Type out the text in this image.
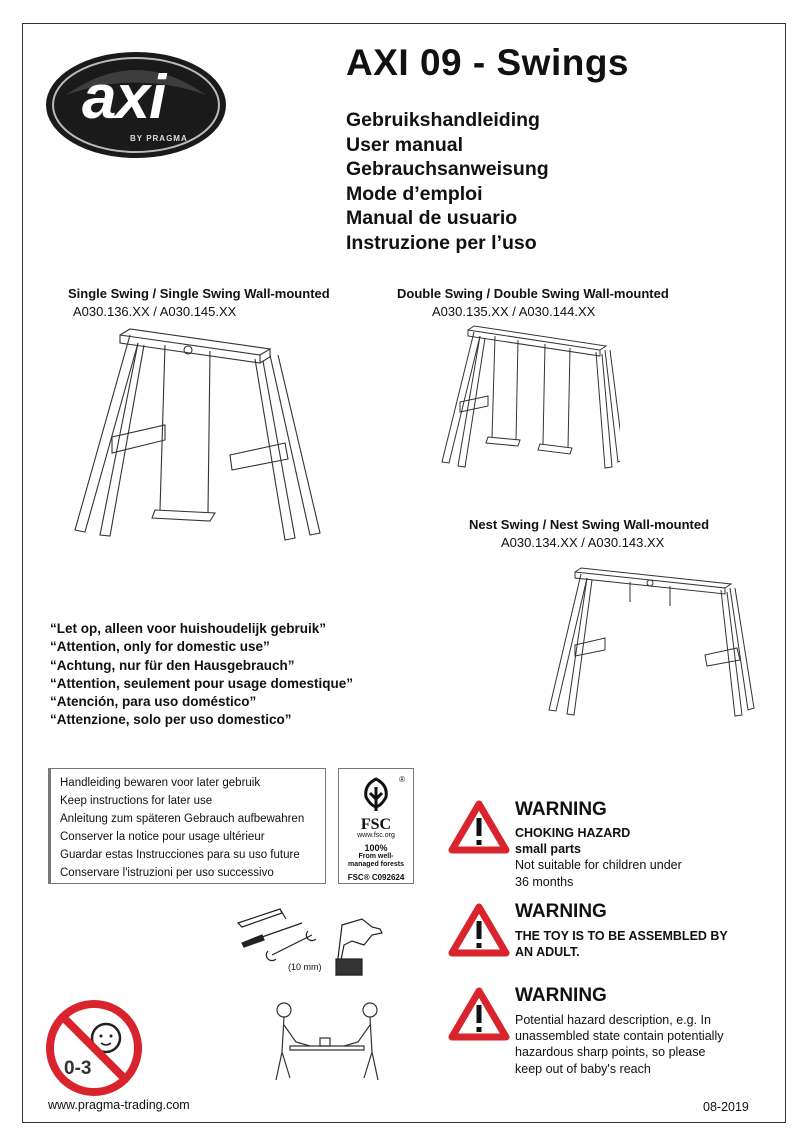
axi
BY PRAGMA
AXI 09 - Swings
Gebruikshandleiding
User manual
Gebrauchsanweisung
Mode d’emploi
Manual de usuario
Instruzione per l’uso
Single Swing / Single Swing Wall-mounted
A030.136.XX / A030.145.XX
Double Swing / Double Swing Wall-mounted
A030.135.XX / A030.144.XX
Nest Swing / Nest Swing Wall-mounted
A030.134.XX / A030.143.XX
“Let op, alleen voor huishoudelijk gebruik”
“Attention, only for domestic use”
“Achtung, nur für den Hausgebrauch”
“Attention, seulement pour usage domestique”
“Atención, para uso doméstico”
“Attenzione, solo per uso domestico”
Handleiding bewaren voor later gebruik
Keep instructions for later use
Anleitung zum späteren Gebrauch aufbewahren
Conserver la notice pour usage ultérieur
Guardar estas Instrucciones para su uso future
Conservare l'istruzioni per uso successivo
®
FSC
www.fsc.org
100%
From well-
managed forests
FSC® C092624
(10 mm)
0-3
WARNING
CHOKING HAZARD
small parts
Not suitable for children under
36 months
WARNING
THE TOY IS TO BE ASSEMBLED BY
AN ADULT.
WARNING
Potential hazard description, e.g. In
unassembled state contain potentially
hazardous sharp points, so please
keep out of baby's reach
www.pragma-trading.com	08-2019
